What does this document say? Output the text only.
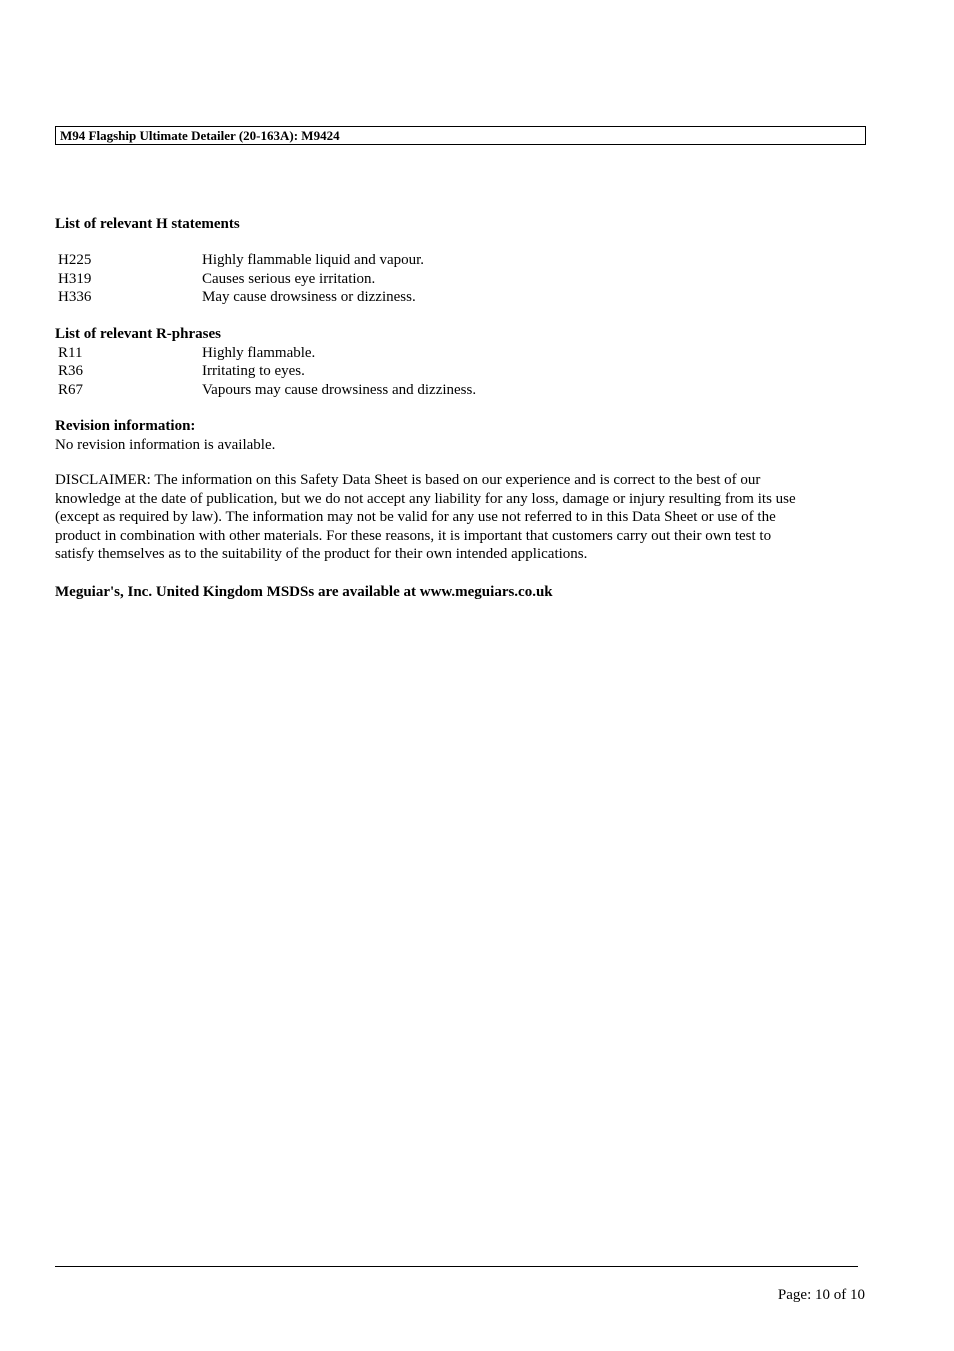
M94 Flagship Ultimate Detailer (20-163A): M9424
List of relevant H statements
H225	Highly flammable liquid and vapour.
H319	Causes serious eye irritation.
H336	May cause drowsiness or dizziness.
List of relevant R-phrases
R11	Highly flammable.
R36	Irritating to eyes.
R67	Vapours may cause drowsiness and dizziness.
Revision information:
No revision information is available.
DISCLAIMER: The information on this Safety Data Sheet is based on our experience and is correct to the best of our
knowledge at the date of publication, but we do not accept any liability for any loss, damage or injury resulting from its use
(except as required by law). The information may not be valid for any use not referred to in this Data Sheet or use of the
product in combination with other materials. For these reasons, it is important that customers carry out their own test to
satisfy themselves as to the suitability of the product for their own intended applications.
Meguiar's, Inc. United Kingdom MSDSs are available at www.meguiars.co.uk
Page: 10 of 10
